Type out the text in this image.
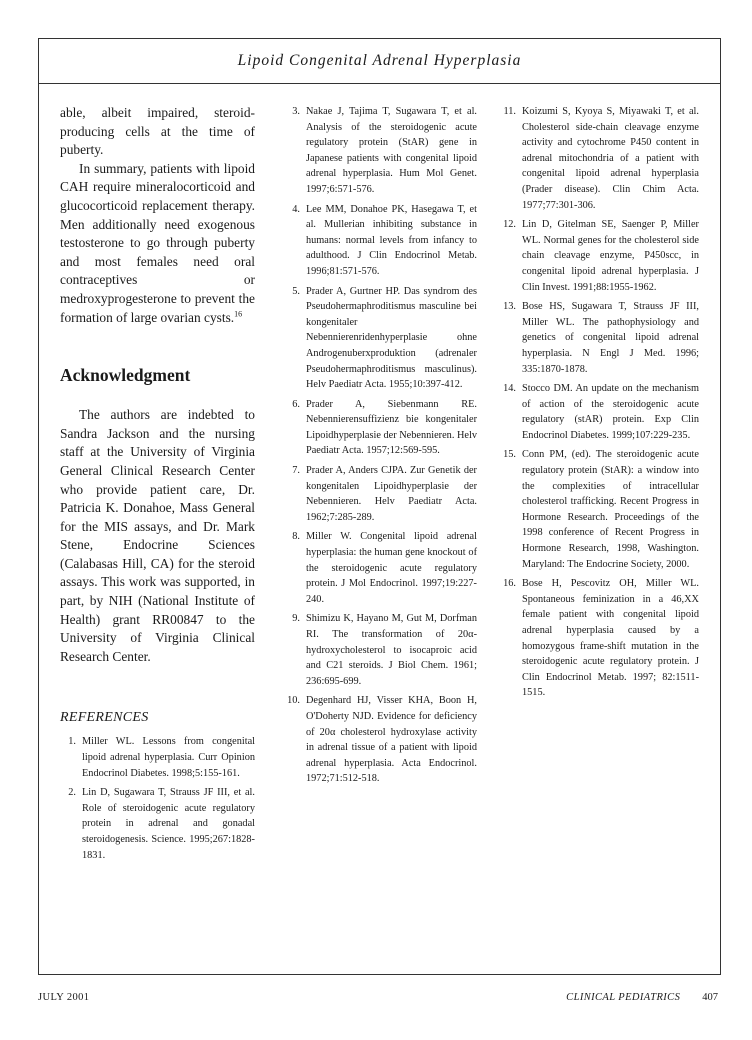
Lipoid Congenital Adrenal Hyperplasia

able, albeit impaired, steroid-producing cells at the time of puberty.

In summary, patients with lipoid CAH require mineralocorticoid and glucocorticoid replacement therapy. Men additionally need exogenous testosterone to go through puberty and most females need oral contraceptives or medroxyprogesterone to prevent the formation of large ovarian cysts.$^{16}$

Acknowledgment

The authors are indebted to Sandra Jackson and the nursing staff at the University of Virginia General Clinical Research Center who provide patient care, Dr. Patricia K. Donahoe, Mass General for the MIS assays, and Dr. Mark Stene, Endocrine Sciences (Calabasas Hill, CA) for the steroid assays. This work was supported, in part, by NIH (National Institute of Health) grant RR00847 to the University of Virginia Clinical Research Center.

REFERENCES
1. Miller WL. Lessons from congenital lipoid adrenal hyperplasia. Curr Opinion Endocrinol Diabetes. 1998;5:155-161.
2. Lin D, Sugawara T, Strauss JF III, et al. Role of steroidogenic acute regulatory protein in adrenal and gonadal steroidogenesis. Science. 1995;267:1828-1831.
3. Nakae J, Tajima T, Sugawara T, et al. Analysis of the steroidogenic acute regulatory protein (StAR) gene in Japanese patients with congenital lipoid adrenal hyperplasia. Hum Mol Genet. 1997;6:571-576.
4. Lee MM, Donahoe PK, Hasegawa T, et al. Mullerian inhibiting substance in humans: normal levels from infancy to adulthood. J Clin Endocrinol Metab. 1996;81:571-576.
5. Prader A, Gurtner HP. Das syndrom des Pseudohermaphroditismus masculine bei kongenitaler Nebennierenridenhyperplasie ohne Androgenuberxproduktion (adrenaler Pseudohermaphroditismus masculinus). Helv Paediatr Acta. 1955;10:397-412.
6. Prader A, Siebenmann RE. Nebennierensuffizienz bie kongenitaler Lipoidhyperplasie der Nebennieren. Helv Paediatr Acta. 1957;12:569-595.
7. Prader A, Anders CJPA. Zur Genetik der kongenitalen Lipoidhyperplasie der Nebennieren. Helv Paediatr Acta. 1962;7:285-289.
8. Miller W. Congenital lipoid adrenal hyperplasia: the human gene knockout of the steroidogenic acute regulatory protein. J Mol Endocrinol. 1997;19:227-240.
9. Shimizu K, Hayano M, Gut M, Dorfman RI. The transformation of 20α-hydroxycholesterol to isocaproic acid and C21 steroids. J Biol Chem. 1961; 236:695-699.
10. Degenhard HJ, Visser KHA, Boon H, O'Doherty NJD. Evidence for deficiency of 20α cholesterol hydroxylase activity in adrenal tissue of a patient with lipoid adrenal hyperplasia. Acta Endocrinol. 1972;71:512-518.
11. Koizumi S, Kyoya S, Miyawaki T, et al. Cholesterol side-chain cleavage enzyme activity and cytochrome P450 content in adrenal mitochondria of a patient with congenital lipoid adrenal hyperplasia (Prader disease). Clin Chim Acta. 1977;77:301-306.
12. Lin D, Gitelman SE, Saenger P, Miller WL. Normal genes for the cholesterol side chain cleavage enzyme, P450scc, in congenital lipoid adrenal hyperplasia. J Clin Invest. 1991;88:1955-1962.
13. Bose HS, Sugawara T, Strauss JF III, Miller WL. The pathophysiology and genetics of congenital lipoid adrenal hyperplasia. N Engl J Med. 1996; 335:1870-1878.
14. Stocco DM. An update on the mechanism of action of the steroidogenic acute regulatory (stAR) protein. Exp Clin Endocrinol Diabetes. 1999;107:229-235.
15. Conn PM, (ed). The steroidogenic acute regulatory protein (StAR): a window into the complexities of intracellular cholesterol trafficking. Recent Progress in Hormone Research. Proceedings of the 1998 conference of Recent Progress in Hormone Research, 1998, Washington. Maryland: The Endocrine Society, 2000.
16. Bose H, Pescovitz OH, Miller WL. Spontaneous feminization in a 46,XX female patient with congenital lipoid adrenal hyperplasia caused by a homozygous frame-shift mutation in the steroidogenic acute regulatory protein. J Clin Endocrinol Metab. 1997; 82:1511-1515.
JULY 2001	CLINICAL PEDIATRICS 407
